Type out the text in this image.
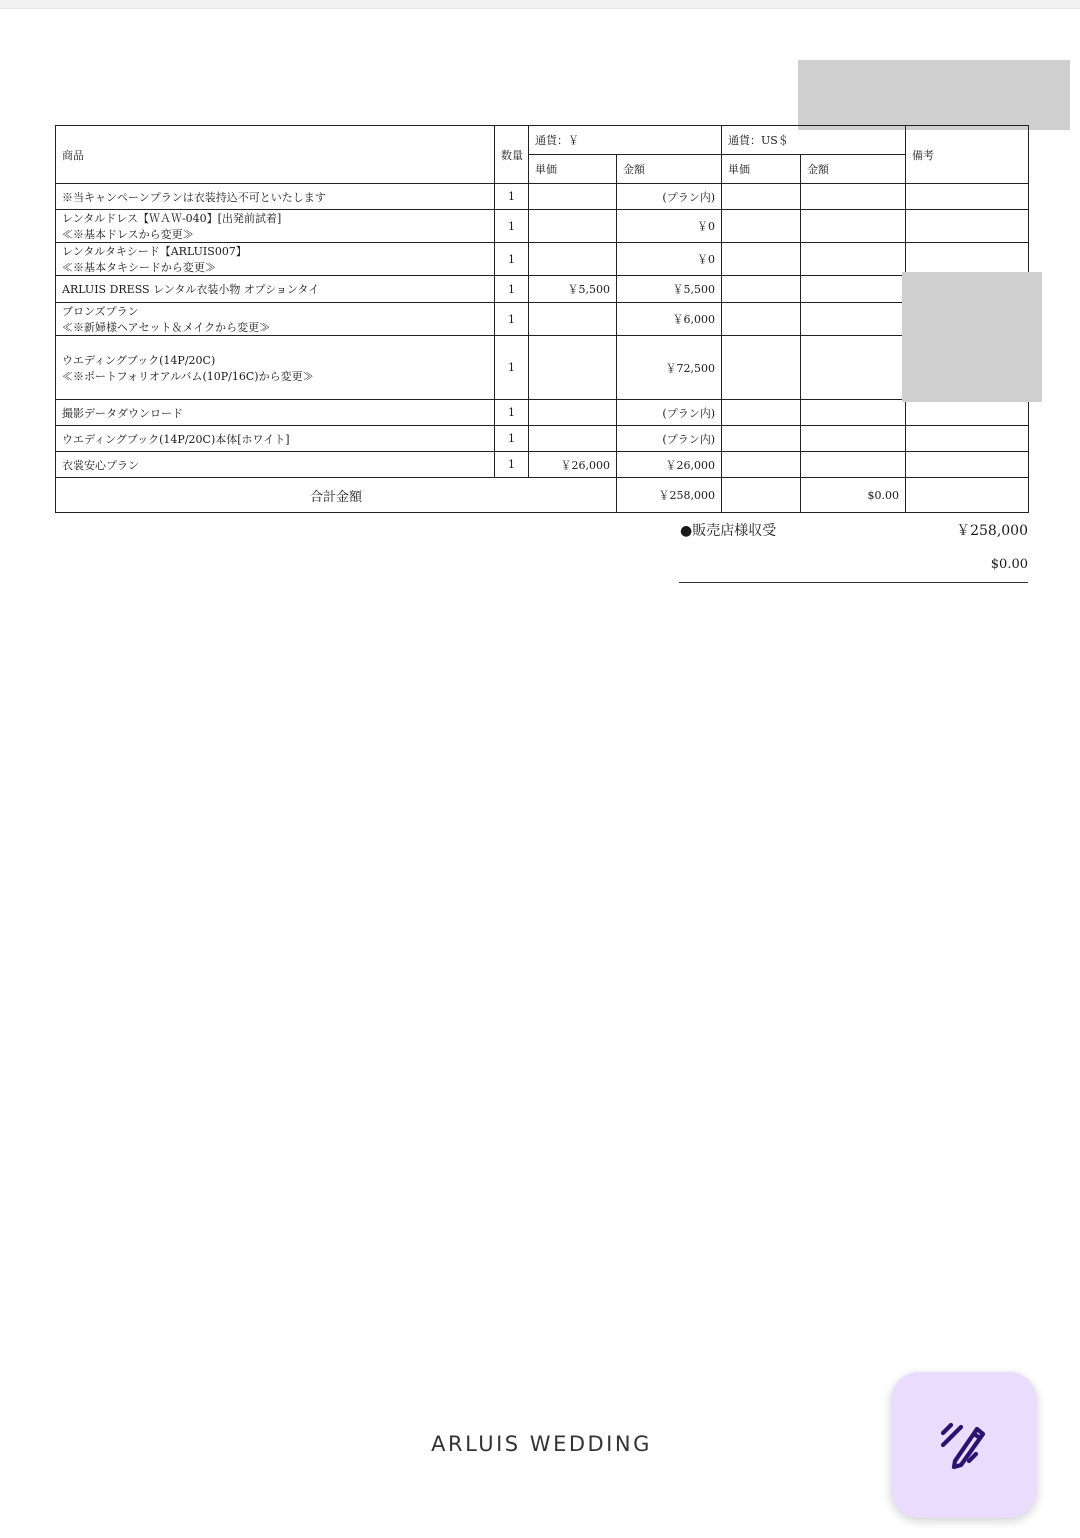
商品	数量	通貨：￥		通貨：US＄		備考
		単価	金額	単価	金額	
※当キャンペーンプランは衣装持込不可といたします	1		(プラン内)			

レンタルドレス【ＷＡＷ-040】[出発前試着]
≪※基本ドレスから変更≫	1		￥0			

レンタルタキシード【ARLUIS007】
≪※基本タキシードから変更≫	1		￥0			
ARLUIS DRESS レンタル衣装小物 オプションタイ	1	￥5,500	￥5,500			

ブロンズプラン
≪※新婦様ヘアセット＆メイクから変更≫	1		￥6,000			

ウエディングブック(14P/20C)
≪※ポートフォリオアルバム(10P/16C)から変更≫	1		￥72,500			
撮影データダウンロード	1		(プラン内)			
ウエディングブック(14P/20C)本体[ホワイト]	1		(プラン内)			
衣裳安心プラン	1	￥26,000	￥26,000			
合計金額			￥258,000		$0.00	
●販売店様収受	￥258,000
$0.00
ARLUIS WEDDING
